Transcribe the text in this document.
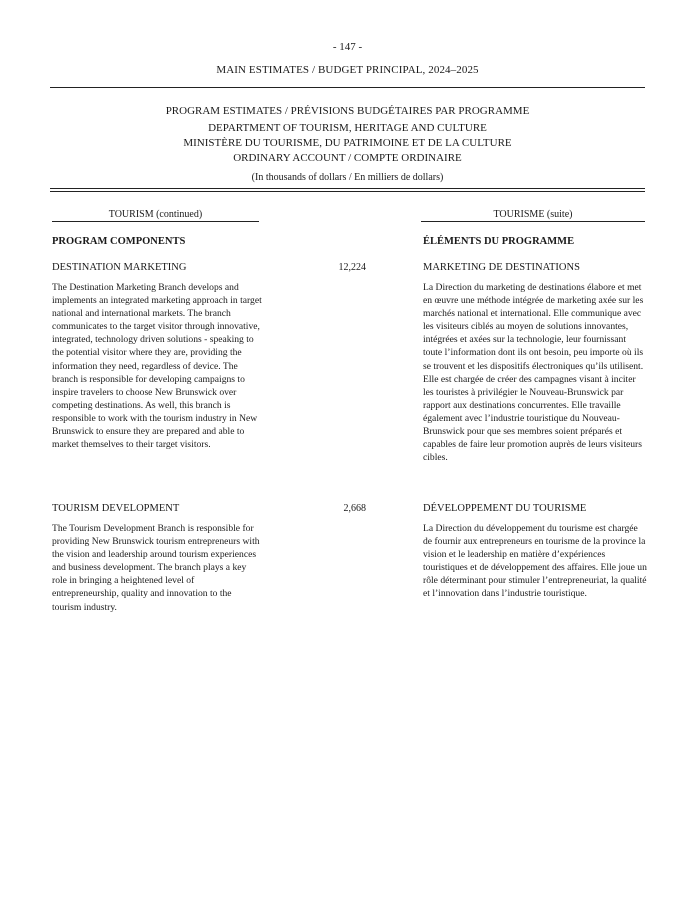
- 147 -
MAIN ESTIMATES / BUDGET PRINCIPAL, 2024–2025
PROGRAM ESTIMATES / PRÉVISIONS BUDGÉTAIRES PAR PROGRAMME
DEPARTMENT OF TOURISM, HERITAGE AND CULTURE
MINISTÈRE DU TOURISME, DU PATRIMOINE ET DE LA CULTURE
ORDINARY ACCOUNT / COMPTE ORDINAIRE
(In thousands of dollars / En milliers de dollars)
TOURISM (continued)	TOURISME (suite)
PROGRAM COMPONENTS	ÉLÉMENTS DU PROGRAMME
DESTINATION MARKETING	12,224	MARKETING DE DESTINATIONS
The Destination Marketing Branch develops and implements an integrated marketing approach in target national and international markets. The branch communicates to the target visitor through innovative, integrated, technology driven solutions - speaking to the potential visitor where they are, providing the information they need, regardless of device. The branch is responsible for developing campaigns to inspire travelers to choose New Brunswick over competing destinations. As well, this branch is responsible to work with the tourism industry in New Brunswick to ensure they are prepared and able to market themselves to their target visitors.
La Direction du marketing de destinations élabore et met en œuvre une méthode intégrée de marketing axée sur les marchés national et international. Elle communique avec les visiteurs ciblés au moyen de solutions innovantes, intégrées et axées sur la technologie, leur fournissant toute l’information dont ils ont besoin, peu importe où ils se trouvent et les dispositifs électroniques qu’ils utilisent. Elle est chargée de créer des campagnes visant à inciter les touristes à privilégier le Nouveau-Brunswick par rapport aux destinations concurrentes. Elle travaille également avec l’industrie touristique du Nouveau-Brunswick pour que ses membres soient préparés et capables de faire leur promotion auprès de leurs visiteurs cibles.
TOURISM DEVELOPMENT	2,668	DÉVELOPPEMENT DU TOURISME
The Tourism Development Branch is responsible for providing New Brunswick tourism entrepreneurs with the vision and leadership around tourism experiences and business development. The branch plays a key role in bringing a heightened level of entrepreneurship, quality and innovation to the tourism industry.
La Direction du développement du tourisme est chargée de fournir aux entrepreneurs en tourisme de la province la vision et le leadership en matière d’expériences touristiques et de développement des affaires. Elle joue un rôle déterminant pour stimuler l’entrepreneuriat, la qualité et l’innovation dans l’industrie touristique.
